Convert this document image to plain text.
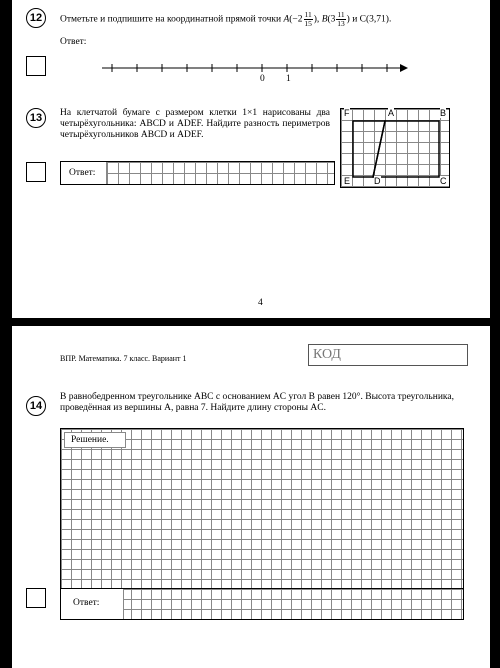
12	Отметьте и подпишите на координатной прямой точки $A(-2 \frac{11}{15}$ ), $B(3 \frac{11}{13}$ ) и C(3,71).
Ответ:
0 1
13	На клетчатой бумаге с размером клетки 1×1 нарисованы два четырёхугольника: ABCD и ADEF. Найдите разность периметров четырёхугольников ABCD и ADEF.
Ответ:
F	A	B
E	D	C
4
ВПР. Математика. 7 класс. Вариант 1	КОД
14
В равнобедренном треугольнике ABC с основанием AC угол B равен 120°. Высота треугольника, проведённая из вершины A, равна 7. Найдите длину стороны AC.
Решение.
Ответ:
